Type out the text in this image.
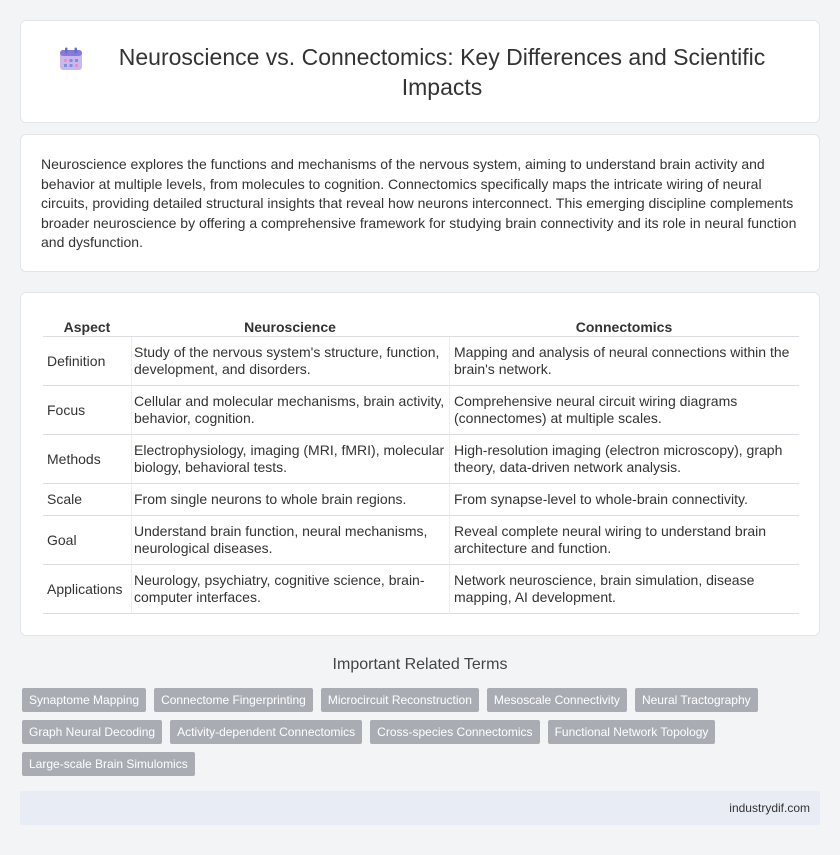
Neuroscience vs. Connectomics: Key Differences and Scientific Impacts

Neuroscience explores the functions and mechanisms of the nervous system, aiming to understand brain activity and behavior at multiple levels, from molecules to cognition. Connectomics specifically maps the intricate wiring of neural circuits, providing detailed structural insights that reveal how neurons interconnect. This emerging discipline complements broader neuroscience by offering a comprehensive framework for studying brain connectivity and its role in neural function and dysfunction.

Aspect	Neuroscience	Connectomics
Definition	Study of the nervous system's structure, function, development, and disorders.	Mapping and analysis of neural connections within the brain's network.
Focus	Cellular and molecular mechanisms, brain activity, behavior, cognition.	Comprehensive neural circuit wiring diagrams (connectomes) at multiple scales.
Methods	Electrophysiology, imaging (MRI, fMRI), molecular biology, behavioral tests.	High-resolution imaging (electron microscopy), graph theory, data-driven network analysis.
Scale	From single neurons to whole brain regions.	From synapse-level to whole-brain connectivity.
Goal	Understand brain function, neural mechanisms, neurological diseases.	Reveal complete neural wiring to understand brain architecture and function.
Applications	Neurology, psychiatry, cognitive science, brain-computer interfaces.	Network neuroscience, brain simulation, disease mapping, AI development.
Important Related Terms
Synaptome Mapping	Connectome Fingerprinting	Microcircuit Reconstruction	Mesoscale Connectivity	Neural Tractography
Graph Neural Decoding	Activity-dependent Connectomics	Cross-species Connectomics	Functional Network Topology
Large-scale Brain Simulomics
industrydif.com
